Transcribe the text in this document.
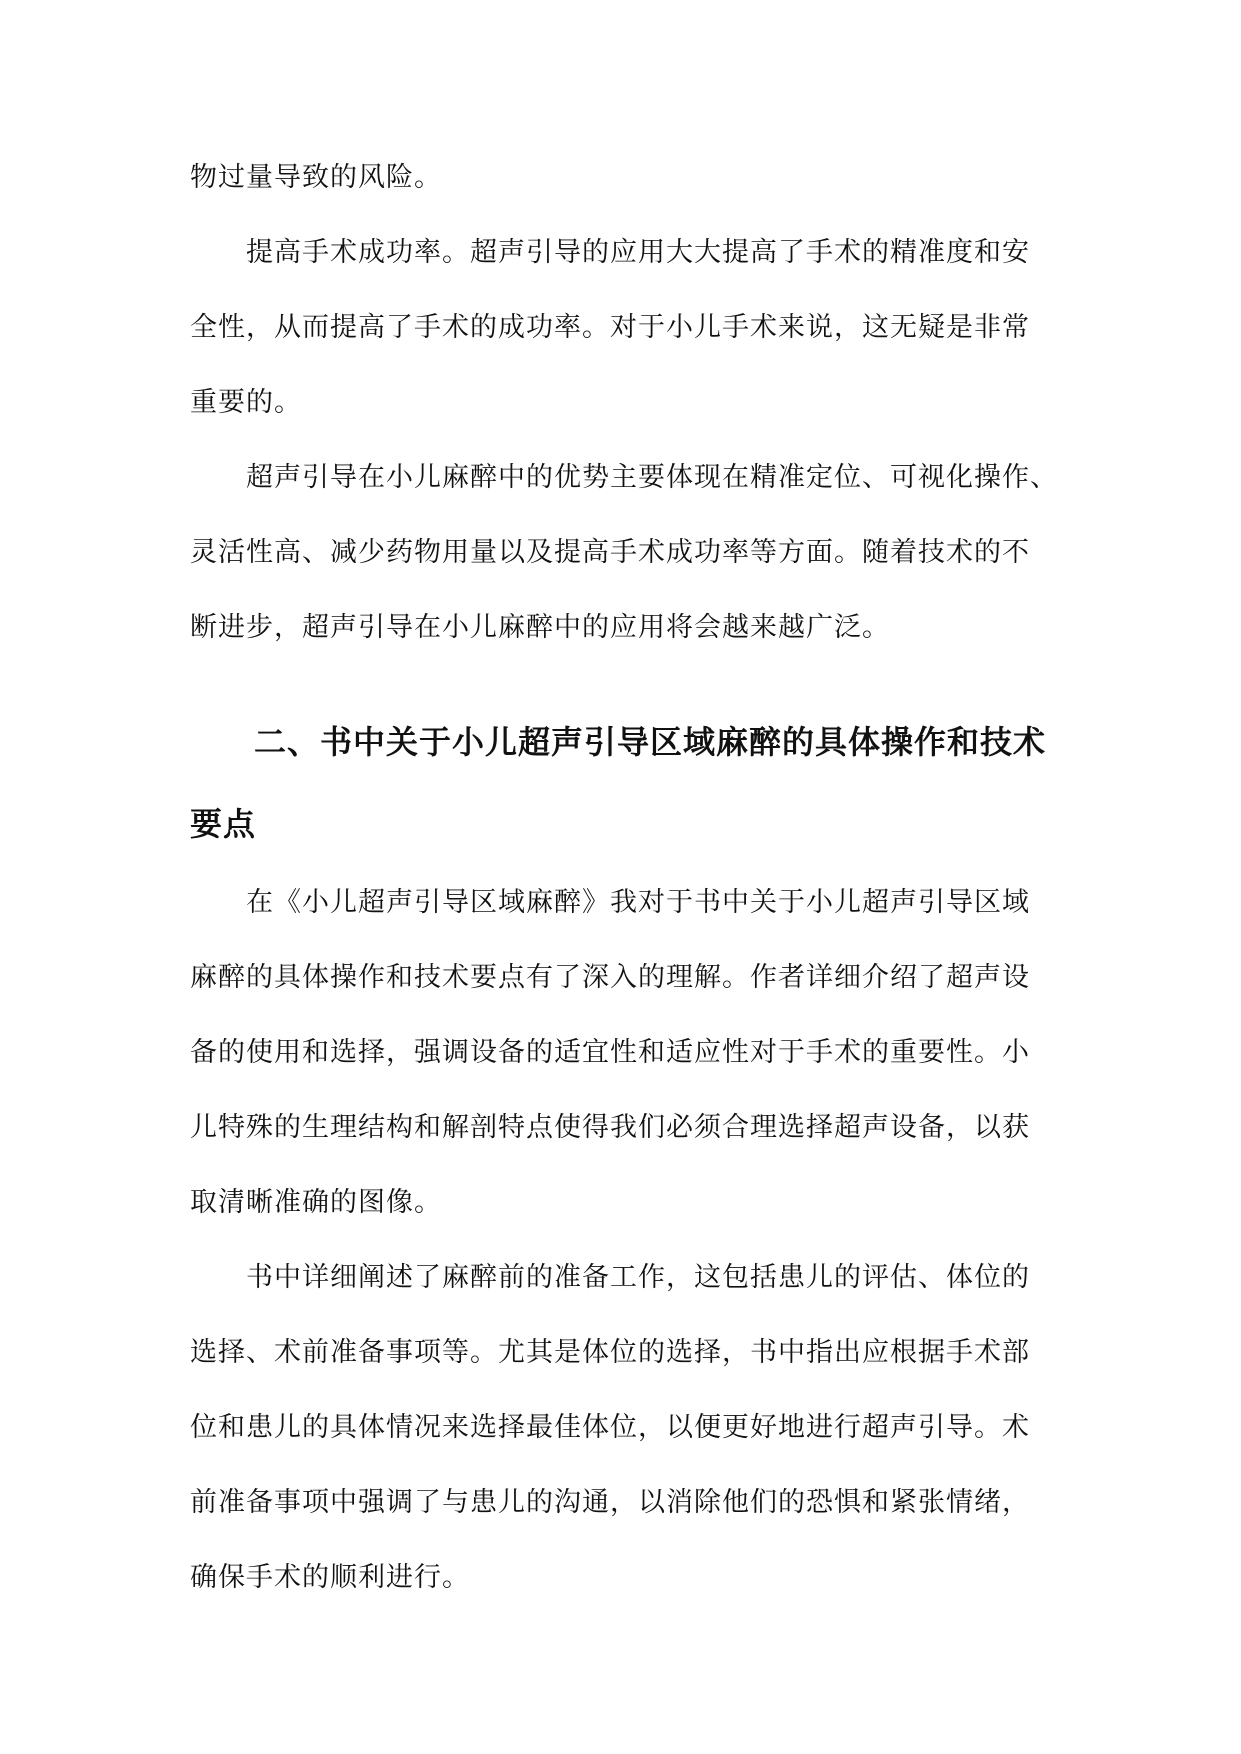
物过量导致的风险。
提高手术成功率。超声引导的应用大大提高了手术的精准度和安
全性，从而提高了手术的成功率。对于小儿手术来说，这无疑是非常
重要的。
超声引导在小儿麻醉中的优势主要体现在精准定位、可视化操作、
灵活性高、减少药物用量以及提高手术成功率等方面。随着技术的不
断进步，超声引导在小儿麻醉中的应用将会越来越广泛。
二、书中关于小儿超声引导区域麻醉的具体操作和技术
要点
在《小儿超声引导区域麻醉》我对于书中关于小儿超声引导区域
麻醉的具体操作和技术要点有了深入的理解。作者详细介绍了超声设
备的使用和选择，强调设备的适宜性和适应性对于手术的重要性。小
儿特殊的生理结构和解剖特点使得我们必须合理选择超声设备，以获
取清晰准确的图像。
书中详细阐述了麻醉前的准备工作，这包括患儿的评估、体位的
选择、术前准备事项等。尤其是体位的选择，书中指出应根据手术部
位和患儿的具体情况来选择最佳体位，以便更好地进行超声引导。术
前准备事项中强调了与患儿的沟通，以消除他们的恐惧和紧张情绪，
确保手术的顺利进行。
